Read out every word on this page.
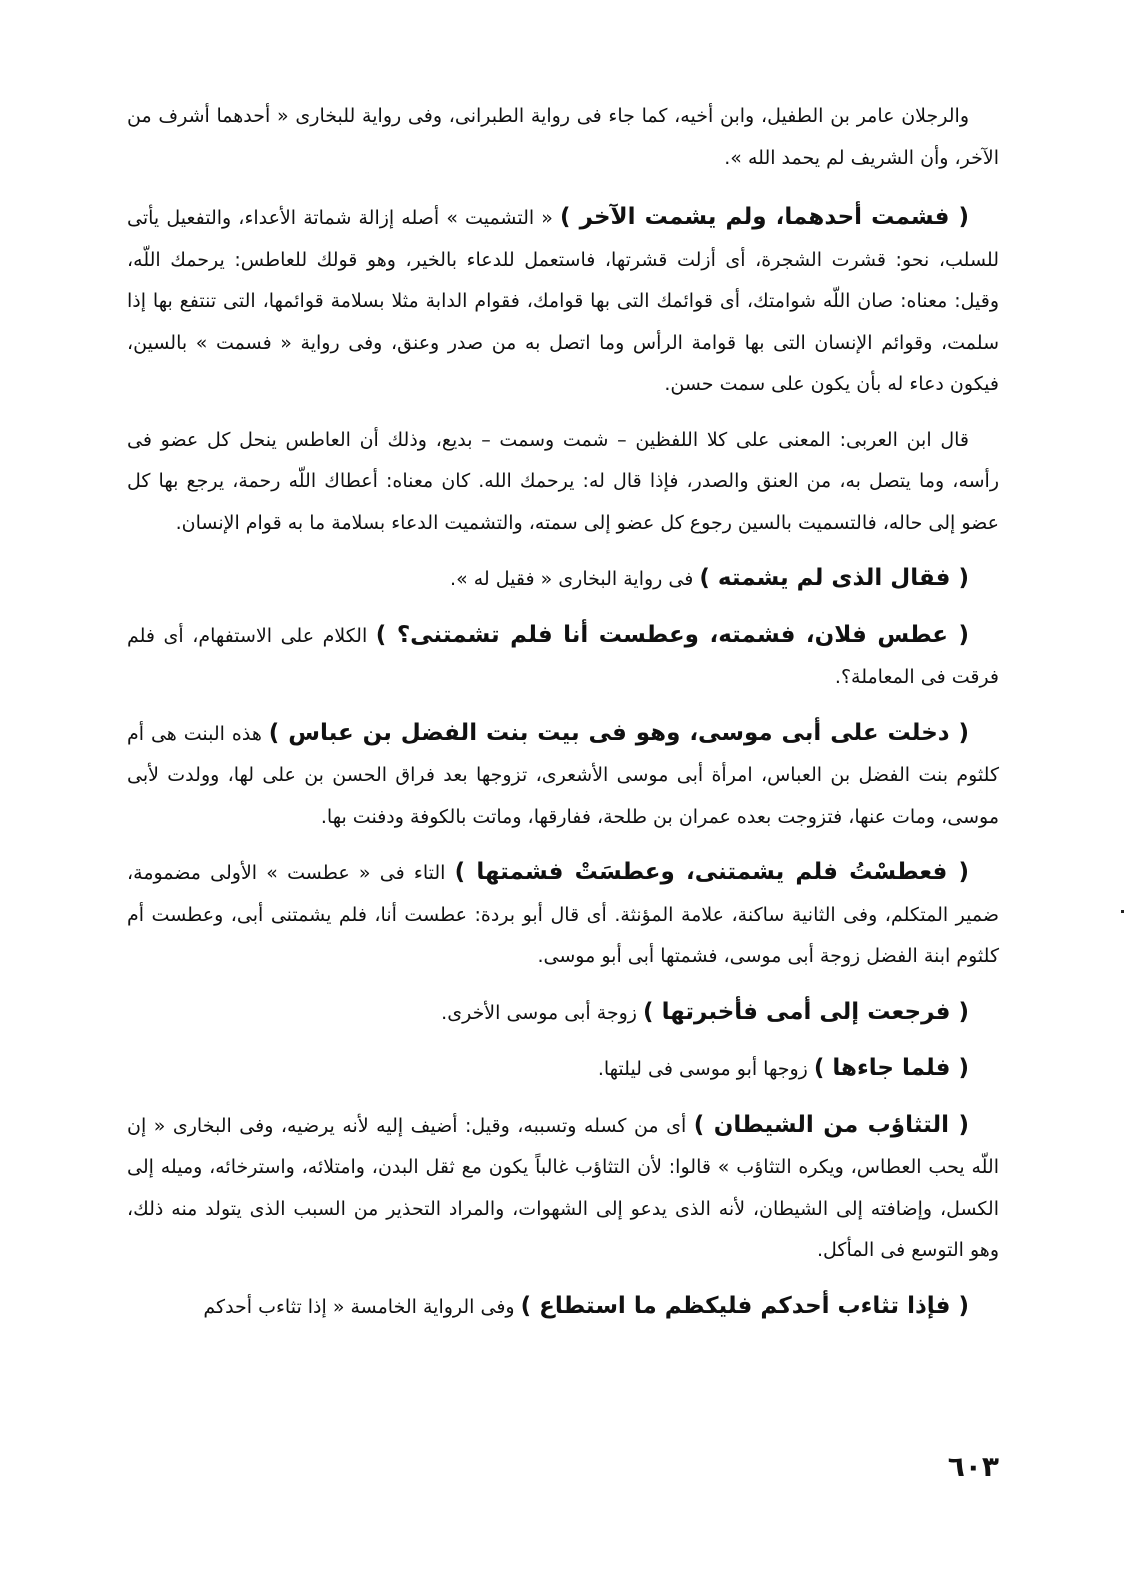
والرجلان عامر بن الطفيل، وابن أخيه، كما جاء فى رواية الطبرانى، وفى رواية للبخارى « أحدهما أشرف من الآخر، وأن الشريف لم يحمد الله ».

( فشمت أحدهما، ولم يشمت الآخر ) « التشميت » أصله إزالة شماتة الأعداء، والتفعيل يأتى للسلب، نحو: قشرت الشجرة، أى أزلت قشرتها، فاستعمل للدعاء بالخير، وهو قولك للعاطس: يرحمك اللّه، وقيل: معناه: صان اللّه شوامتك، أى قوائمك التى بها قوامك، فقوام الدابة مثلا بسلامة قوائمها، التى تنتفع بها إذا سلمت، وقوائم الإنسان التى بها قوامة الرأس وما اتصل به من صدر وعنق، وفى رواية « فسمت » بالسين، فيكون دعاء له بأن يكون على سمت حسن.

قال ابن العربى: المعنى على كلا اللفظين – شمت وسمت – بديع، وذلك أن العاطس ينحل كل عضو فى رأسه، وما يتصل به، من العنق والصدر، فإذا قال له: يرحمك الله. كان معناه: أعطاك اللّه رحمة، يرجع بها كل عضو إلى حاله، فالتسميت بالسين رجوع كل عضو إلى سمته، والتشميت الدعاء بسلامة ما به قوام الإنسان.

( فقال الذى لم يشمته ) فى رواية البخارى « فقيل له ».

( عطس فلان، فشمته، وعطست أنا فلم تشمتنى؟ ) الكلام على الاستفهام، أى فلم فرقت فى المعاملة؟.

( دخلت على أبى موسى، وهو فى بيت بنت الفضل بن عباس ) هذه البنت هى أم كلثوم بنت الفضل بن العباس، امرأة أبى موسى الأشعرى، تزوجها بعد فراق الحسن بن على لها، وولدت لأبى موسى، ومات عنها، فتزوجت بعده عمران بن طلحة، ففارقها، وماتت بالكوفة ودفنت بها.

( فعطسْتُ فلم يشمتنى، وعطسَتْ فشمتها ) التاء فى « عطست » الأولى مضمومة، ضمير المتكلم، وفى الثانية ساكنة، علامة المؤنثة. أى قال أبو بردة: عطست أنا، فلم يشمتنى أبى، وعطست أم كلثوم ابنة الفضل زوجة أبى موسى، فشمتها أبى أبو موسى.

( فرجعت إلى أمى فأخبرتها ) زوجة أبى موسى الأخرى.

( فلما جاءها ) زوجها أبو موسى فى ليلتها.

( التثاؤب من الشيطان ) أى من كسله وتسببه، وقيل: أضيف إليه لأنه يرضيه، وفى البخارى « إن اللّه يحب العطاس، ويكره التثاؤب » قالوا: لأن التثاؤب غالباً يكون مع ثقل البدن، وامتلائه، واسترخائه، وميله إلى الكسل، وإضافته إلى الشيطان، لأنه الذى يدعو إلى الشهوات، والمراد التحذير من السبب الذى يتولد منه ذلك، وهو التوسع فى المأكل.

( فإذا تثاءب أحدكم فليكظم ما استطاع ) وفى الرواية الخامسة « إذا تثاءب أحدكم

٦٠٣
